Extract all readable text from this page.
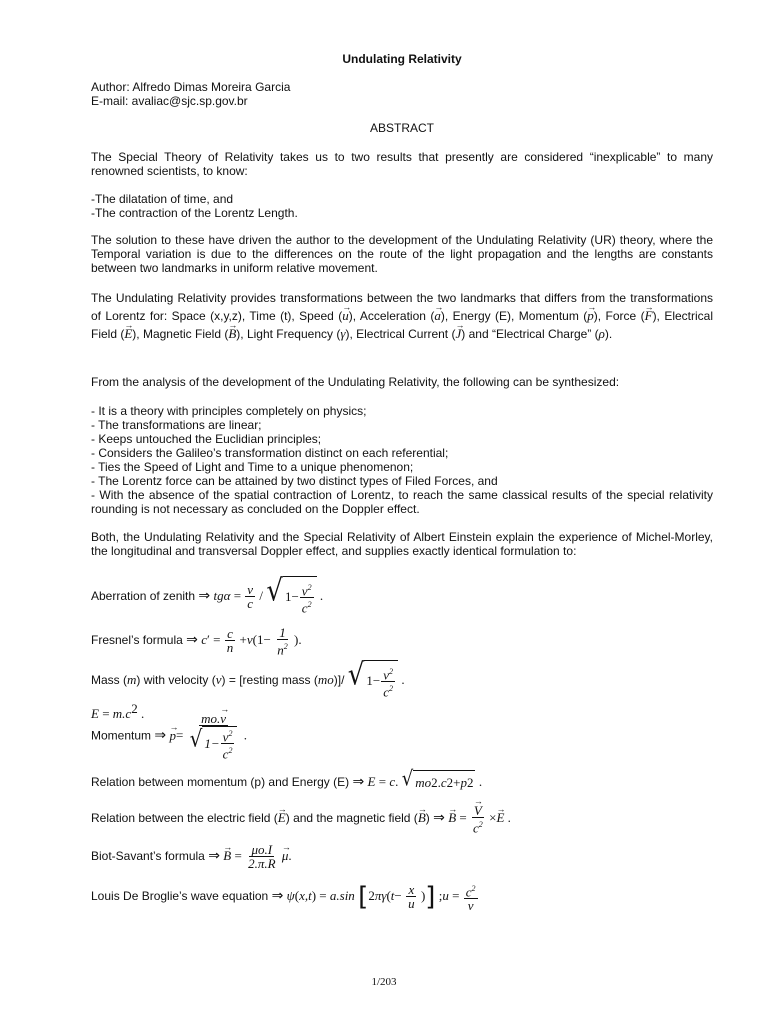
Undulating Relativity
Author: Alfredo Dimas Moreira Garcia
E-mail: avaliac@sjc.sp.gov.br
ABSTRACT
The Special Theory of Relativity takes us to two results that presently are considered “inexplicable” to many renowned scientists, to know:
-The dilatation of time, and
-The contraction of the Lorentz Length.
The solution to these have driven the author to the development of the Undulating Relativity (UR) theory, where the Temporal variation is due to the differences on the route of the light propagation and the lengths are constants between two landmarks in uniform relative movement.
The Undulating Relativity provides transformations between the two landmarks that differs from the transformations of Lorentz for: Space (x,y,z), Time (t), Speed (→ u), Acceleration (→ a), Energy (E), Momentum (→ p), Force (→ F), Electrical Field (→ E), Magnetic Field (→ B), Light Frequency (γ), Electrical Current (→ J) and “Electrical Charge” (ρ).
From the analysis of the development of the Undulating Relativity, the following can be synthesized:
- It is a theory with principles completely on physics;
- The transformations are linear;
- Keeps untouched the Euclidian principles;
- Considers the Galileo’s transformation distinct on each referential;
- Ties the Speed of Light and Time to a unique phenomenon;
- The Lorentz force can be attained by two distinct types of Filed Forces, and
- With the absence of the spatial contraction of Lorentz, to reach the same classical results of the special relativity rounding is not necessary as concluded on the Doppler effect.
Both, the Undulating Relativity and the Special Relativity of Albert Einstein explain the experience of Michel-Morley, the longitudinal and transversal Doppler effect, and supplies exactly identical formulation to:
Aberration of zenith ⇒ $tg\alpha = \frac{v}{c}$ / √ $1 - \frac{v^2}{c^2}$ .
Fresnel’s formula ⇒ $c' = \frac{c}{n} +v(1- \frac{1}{n^2}$ ).
Mass (m) with velocity (v) = [resting mass (mo)]/ √ $1- \frac{v^2}{c^2}$ .
$E = m.c^2$ .
Momentum ⇒ → $p= \frac{mo.\to v}{√ 1- \frac{v^2}{c^2}}$ .
Relation between momentum (p) and Energy (E) ⇒ E = c. √ mo 2 . c 2 + p 2 .
Relation between the electric field (→ E) and the magnetic field (→ B) ⇒ → B =
→ $\frac{V}{c^2} \times\to E$ .
Biot-Savant’s formula ⇒ → $B = \frac{\mu o.I}{2.\pi.R}$
→ μ.
Louis De Broglie’s wave equation ⇒ ψ(x,t) = a.sin [$2\pi\gamma(t- \frac{x}{u}$ )] ;u = $\frac{c^2}{v}$
1/203
